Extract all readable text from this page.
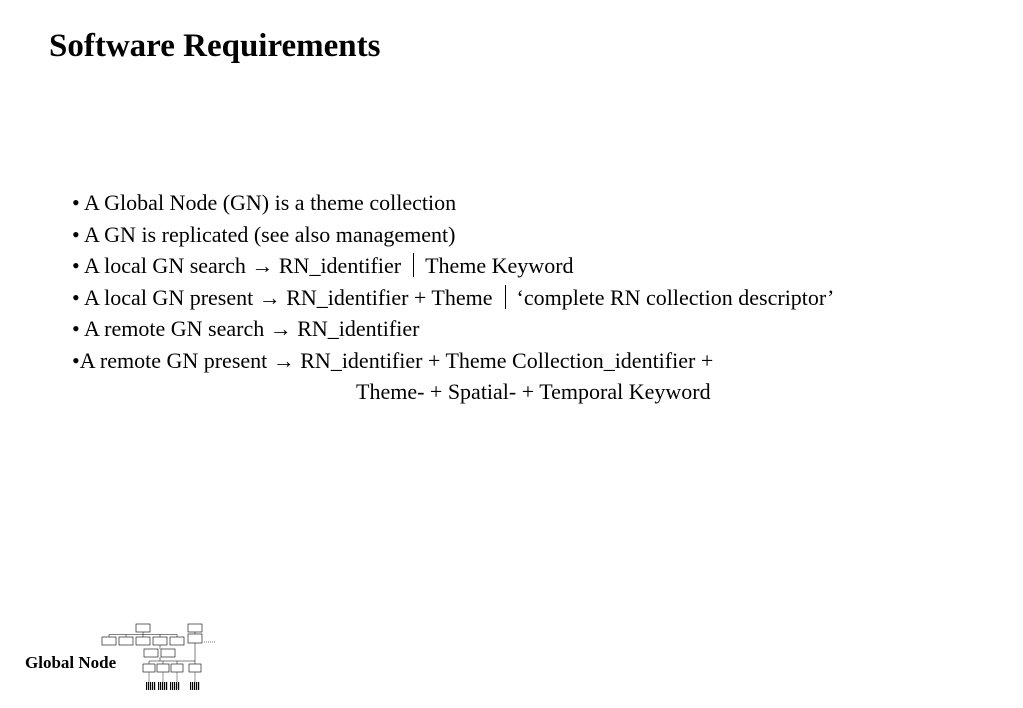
Software Requirements
• A Global Node (GN) is a theme collection
• A GN is replicated (see also management)
• A local GN search → RN_identifier Theme Keyword
• A local GN present → RN_identifier + Theme ‘complete RN collection descriptor’
• A remote GN search → RN_identifier
•A remote GN present → RN_identifier + Theme Collection_identifier +
Theme- + Spatial- + Temporal Keyword
Global Node
